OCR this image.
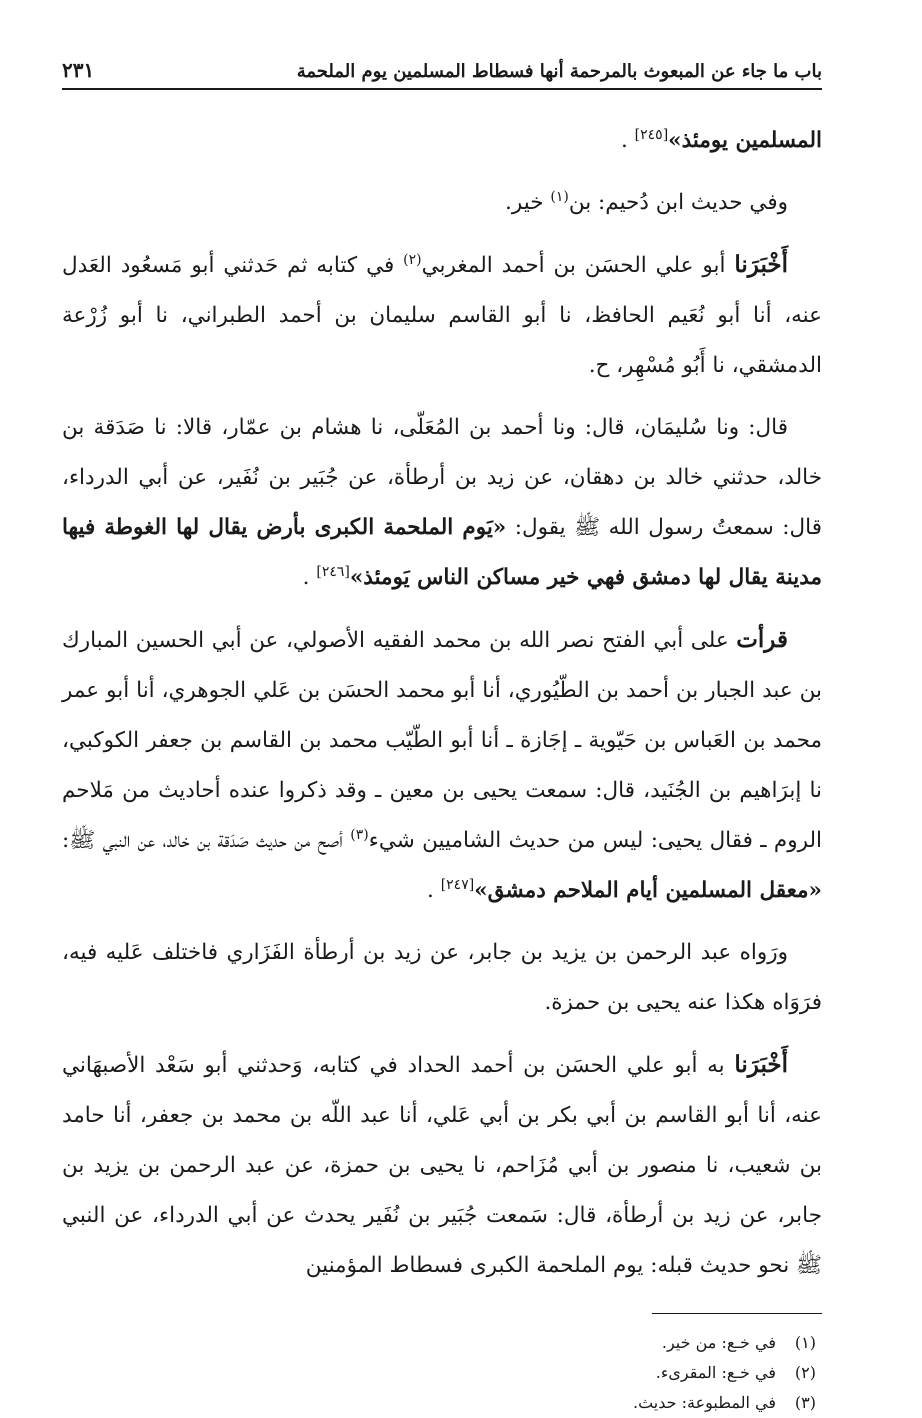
باب ما جاء عن المبعوث بالمرحمة أنها فسطاط المسلمين يوم الملحمة
٢٣١

المسلمين يومئذ»[٢٤٥] .

وفي حديث ابن دُحيم: بن$^{(١)}$ خير.

أَخْبَرَنا أبو علي الحسَن بن أحمد المغربي$^{(٢)}$ في كتابه ثم حَدثني أبو مَسعُود العَدل عنه، أنا أبو نُعَيم الحافظ، نا أبو القاسم سليمان بن أحمد الطبراني، نا أبو زُرْعة الدمشقي، نا أَبُو مُسْهِر، ح.

قال: ونا سُليمَان، قال: ونا أحمد بن المُعَلّى، نا هشام بن عمّار، قالا: نا صَدَقة بن خالد، حدثني خالد بن دهقان، عن زيد بن أرطأة، عن جُبَير بن نُفَير، عن أبي الدرداء، قال: سمعتُ رسول الله ﷺ يقول: «يَوم الملحمة الكبرى بأرض يقال لها الغوطة فيها مدينة يقال لها دمشق فهي خير مساكن الناس يَومئذ»[٢٤٦] .

قرأت على أبي الفتح نصر الله بن محمد الفقيه الأصولي، عن أبي الحسين المبارك بن عبد الجبار بن أحمد بن الطّيُوري، أنا أبو محمد الحسَن بن عَلي الجوهري، أنا أبو عمر محمد بن العَباس بن حَيّوية ـ إجَازة ـ أنا أبو الطّيّب محمد بن القاسم بن جعفر الكوكبي، نا إبرَاهيم بن الجُنَيد، قال: سمعت يحيى بن معين ـ وقد ذكروا عنده أحاديث من مَلاحم الروم ـ فقال يحيى: ليس من حديث الشاميين شيء$^{(٣)}$ أصح من حديث صَدَقة بن خالد، عن النبي ﷺ: «معقل المسلمين أيام الملاحم دمشق»[٢٤٧] .

ورَواه عبد الرحمن بن يزيد بن جابر، عن زيد بن أرطأة الفَزَاري فاختلف عَليه فيه، فرَوَاه هكذا عنه يحيى بن حمزة.

أَخْبَرَنا به أبو علي الحسَن بن أحمد الحداد في كتابه، وَحدثني أبو سَعْد الأصبهَاني عنه، أنا أبو القاسم بن أبي بكر بن أبي عَلي، أنا عبد اللّه بن محمد بن جعفر، أنا حامد بن شعيب، نا منصور بن أبي مُزَاحم، نا يحيى بن حمزة، عن عبد الرحمن بن يزيد بن جابر، عن زيد بن أرطأة، قال: سَمعت جُبَير بن نُفَير يحدث عن أبي الدرداء، عن النبي ﷺ نحو حديث قبله: يوم الملحمة الكبرى فسطاط المؤمنين

(١)
في خـع: من خير.
(٢)
في خـع: المقرىء.
(٣)
في المطبوعة: حديث.
